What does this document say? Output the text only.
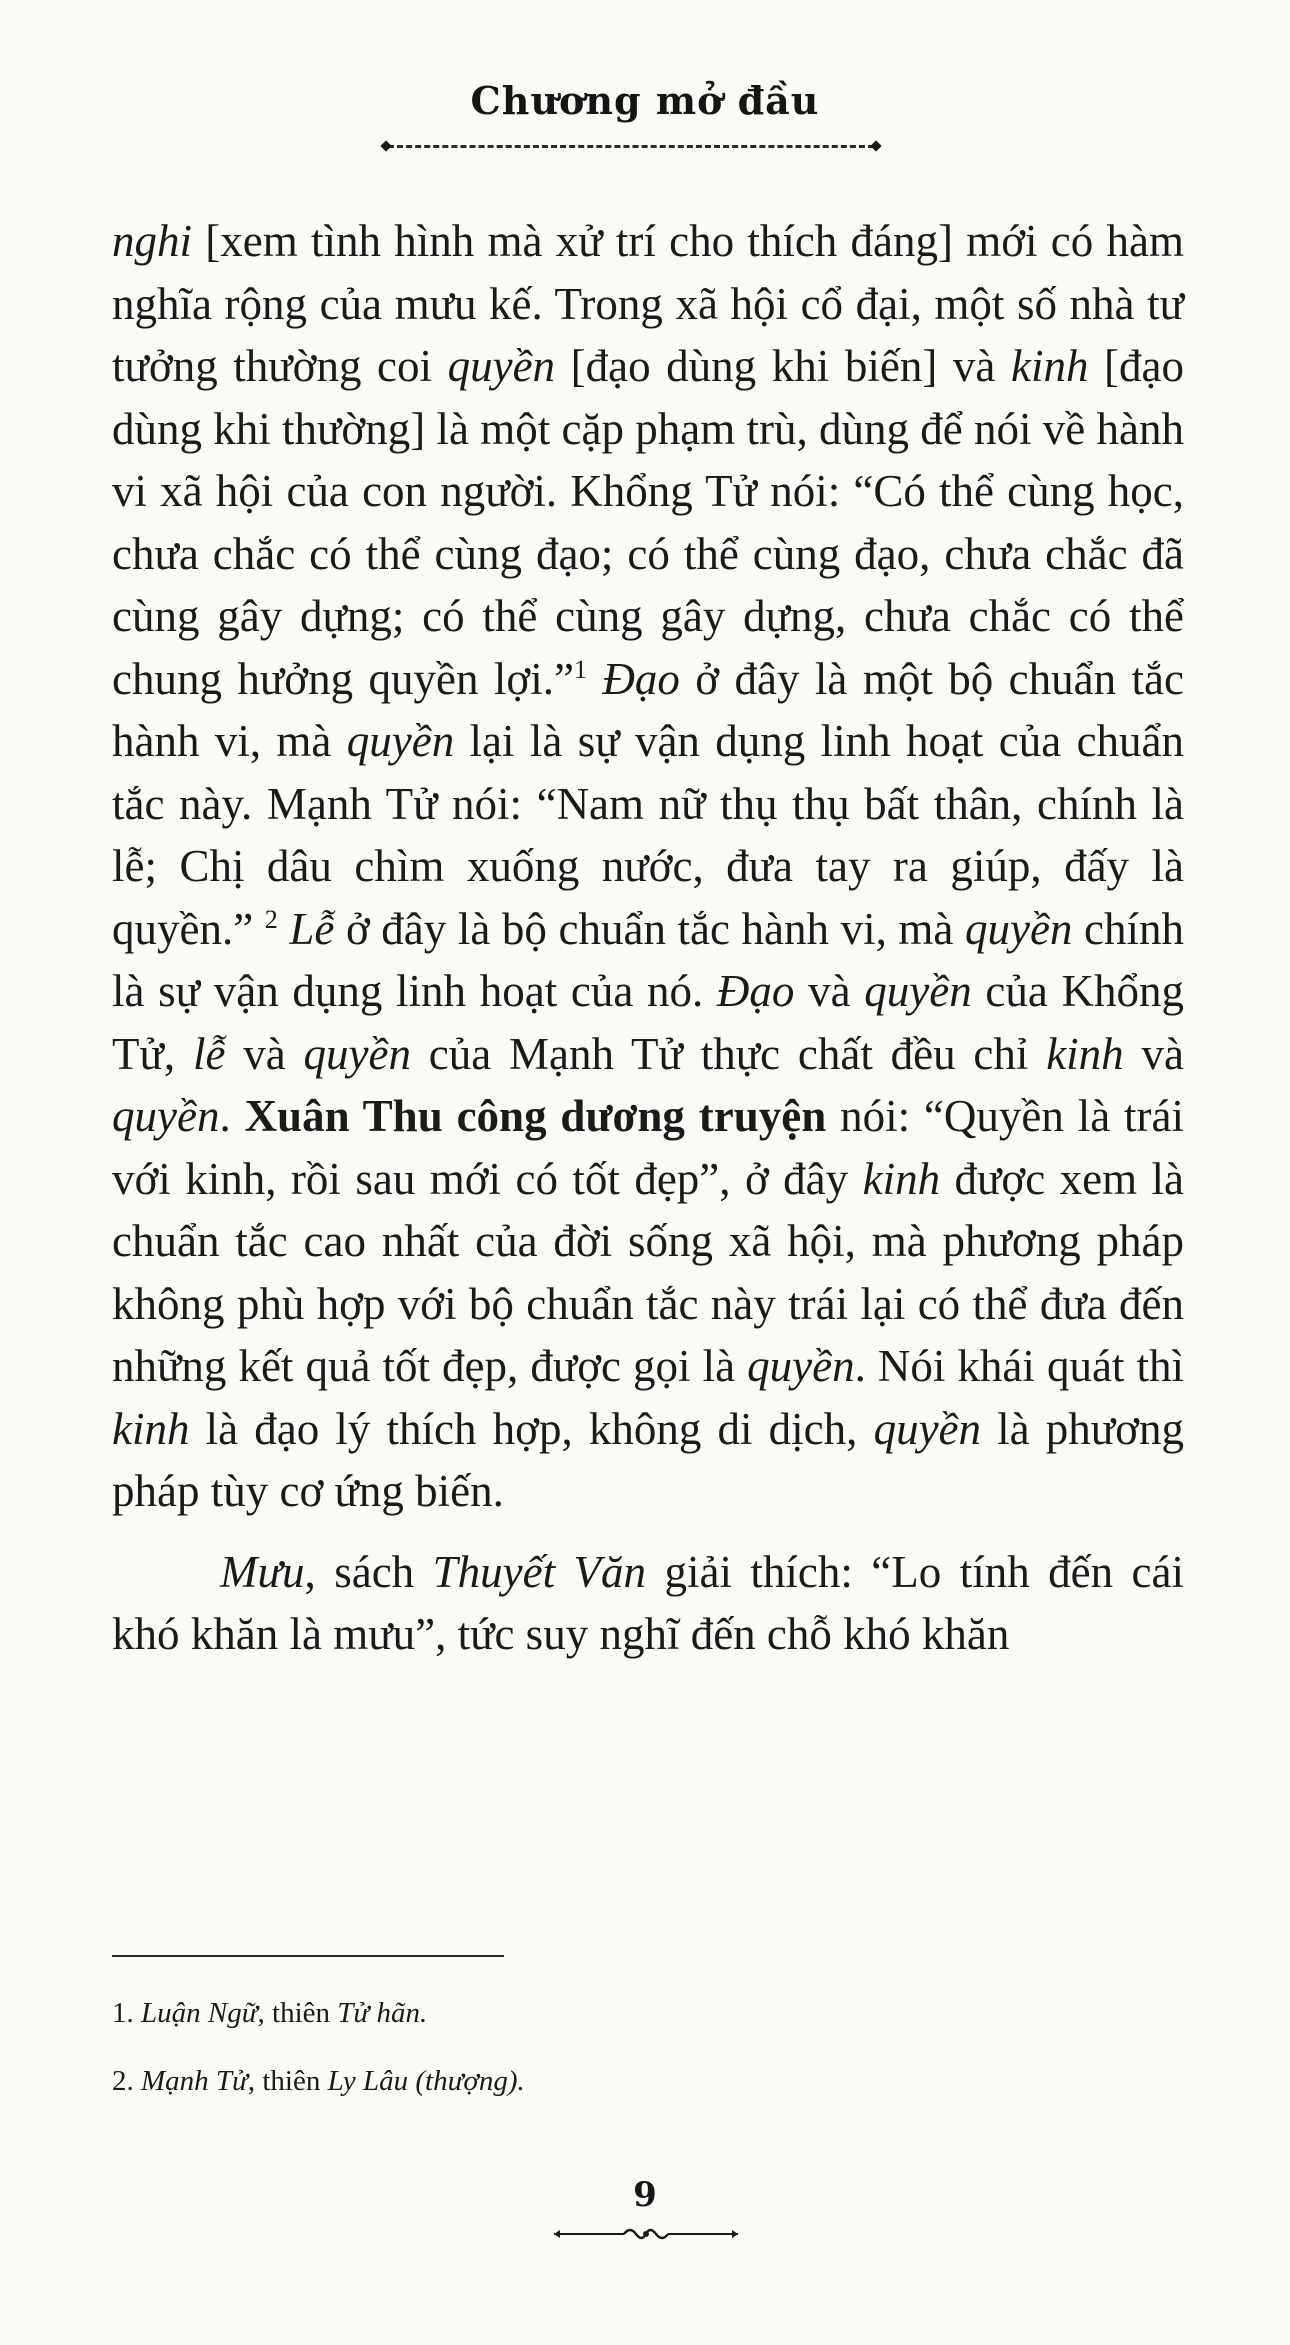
Chương mở đầu

nghi [xem tình hình mà xử trí cho thích đáng] mới có hàm nghĩa rộng của mưu kế. Trong xã hội cổ đại, một số nhà tư tưởng thường coi quyền [đạo dùng khi biến] và kinh [đạo dùng khi thường] là một cặp phạm trù, dùng để nói về hành vi xã hội của con người. Khổng Tử nói: “Có thể cùng học, chưa chắc có thể cùng đạo; có thể cùng đạo, chưa chắc đã cùng gây dựng; có thể cùng gây dựng, chưa chắc có thể chung hưởng quyền lợi.”$^1$ Đạo ở đây là một bộ chuẩn tắc hành vi, mà quyền lại là sự vận dụng linh hoạt của chuẩn tắc này. Mạnh Tử nói: “Nam nữ thụ thụ bất thân, chính là lễ; Chị dâu chìm xuống nước, đưa tay ra giúp, đấy là quyền.” $^2$ Lễ ở đây là bộ chuẩn tắc hành vi, mà quyền chính là sự vận dụng linh hoạt của nó. Đạo và quyền của Khổng Tử, lễ và quyền của Mạnh Tử thực chất đều chỉ kinh và quyền. Xuân Thu công dương truyện nói: “Quyền là trái với kinh, rồi sau mới có tốt đẹp”, ở đây kinh được xem là chuẩn tắc cao nhất của đời sống xã hội, mà phương pháp không phù hợp với bộ chuẩn tắc này trái lại có thể đưa đến những kết quả tốt đẹp, được gọi là quyền. Nói khái quát thì kinh là đạo lý thích hợp, không di dịch, quyền là phương pháp tùy cơ ứng biến.

Mưu, sách Thuyết Văn giải thích: “Lo tính đến cái khó khăn là mưu”, tức suy nghĩ đến chỗ khó khăn

1. Luận Ngữ, thiên Tử hãn.
2. Mạnh Tử, thiên Ly Lâu (thượng).
9
